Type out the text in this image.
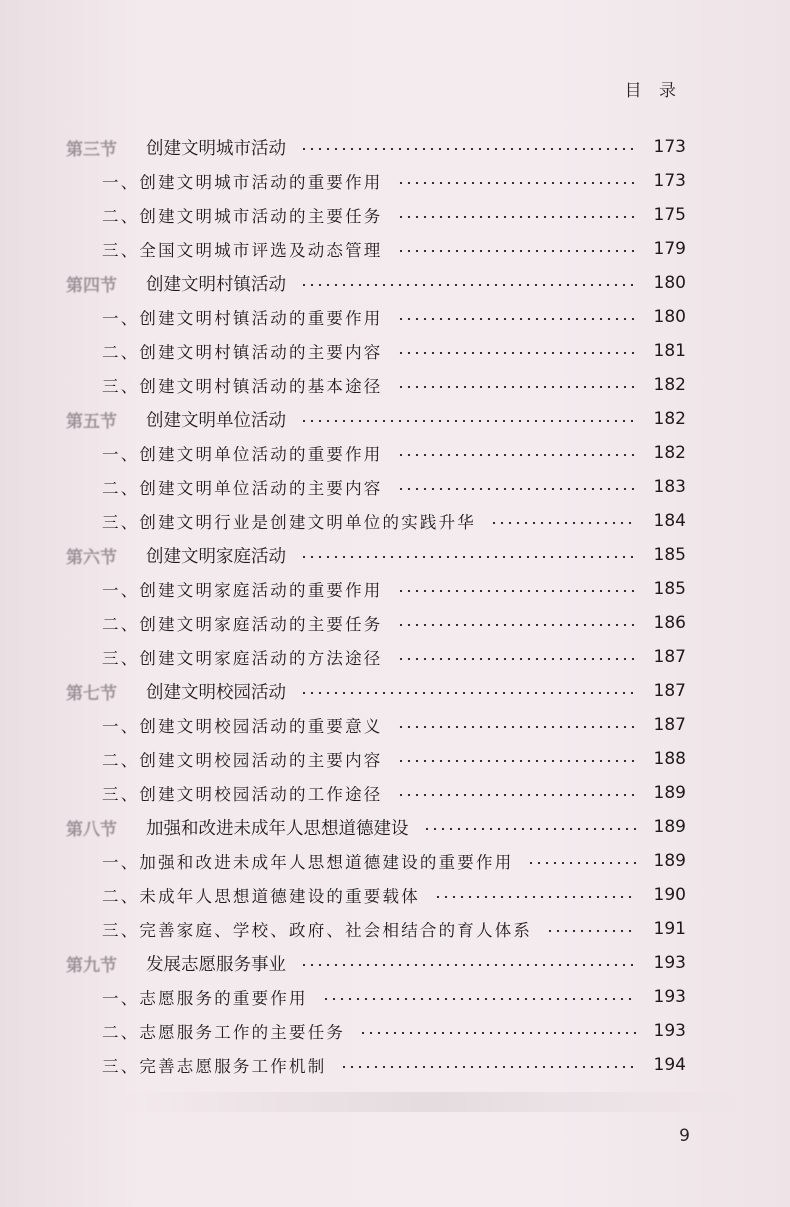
目 录
第三节	创建文明城市活动	173
一、创建文明城市活动的重要作用	173
二、创建文明城市活动的主要任务	175
三、全国文明城市评选及动态管理	179
第四节	创建文明村镇活动	180
一、创建文明村镇活动的重要作用	180
二、创建文明村镇活动的主要内容	181
三、创建文明村镇活动的基本途径	182
第五节	创建文明单位活动	182
一、创建文明单位活动的重要作用	182
二、创建文明单位活动的主要内容	183
三、创建文明行业是创建文明单位的实践升华	184
第六节	创建文明家庭活动	185
一、创建文明家庭活动的重要作用	185
二、创建文明家庭活动的主要任务	186
三、创建文明家庭活动的方法途径	187
第七节	创建文明校园活动	187
一、创建文明校园活动的重要意义	187
二、创建文明校园活动的主要内容	188
三、创建文明校园活动的工作途径	189
第八节	加强和改进未成年人思想道德建设	189
一、加强和改进未成年人思想道德建设的重要作用	189
二、未成年人思想道德建设的重要载体	190
三、完善家庭、学校、政府、社会相结合的育人体系	191
第九节	发展志愿服务事业	193
一、志愿服务的重要作用	193
二、志愿服务工作的主要任务	193
三、完善志愿服务工作机制	194
9
